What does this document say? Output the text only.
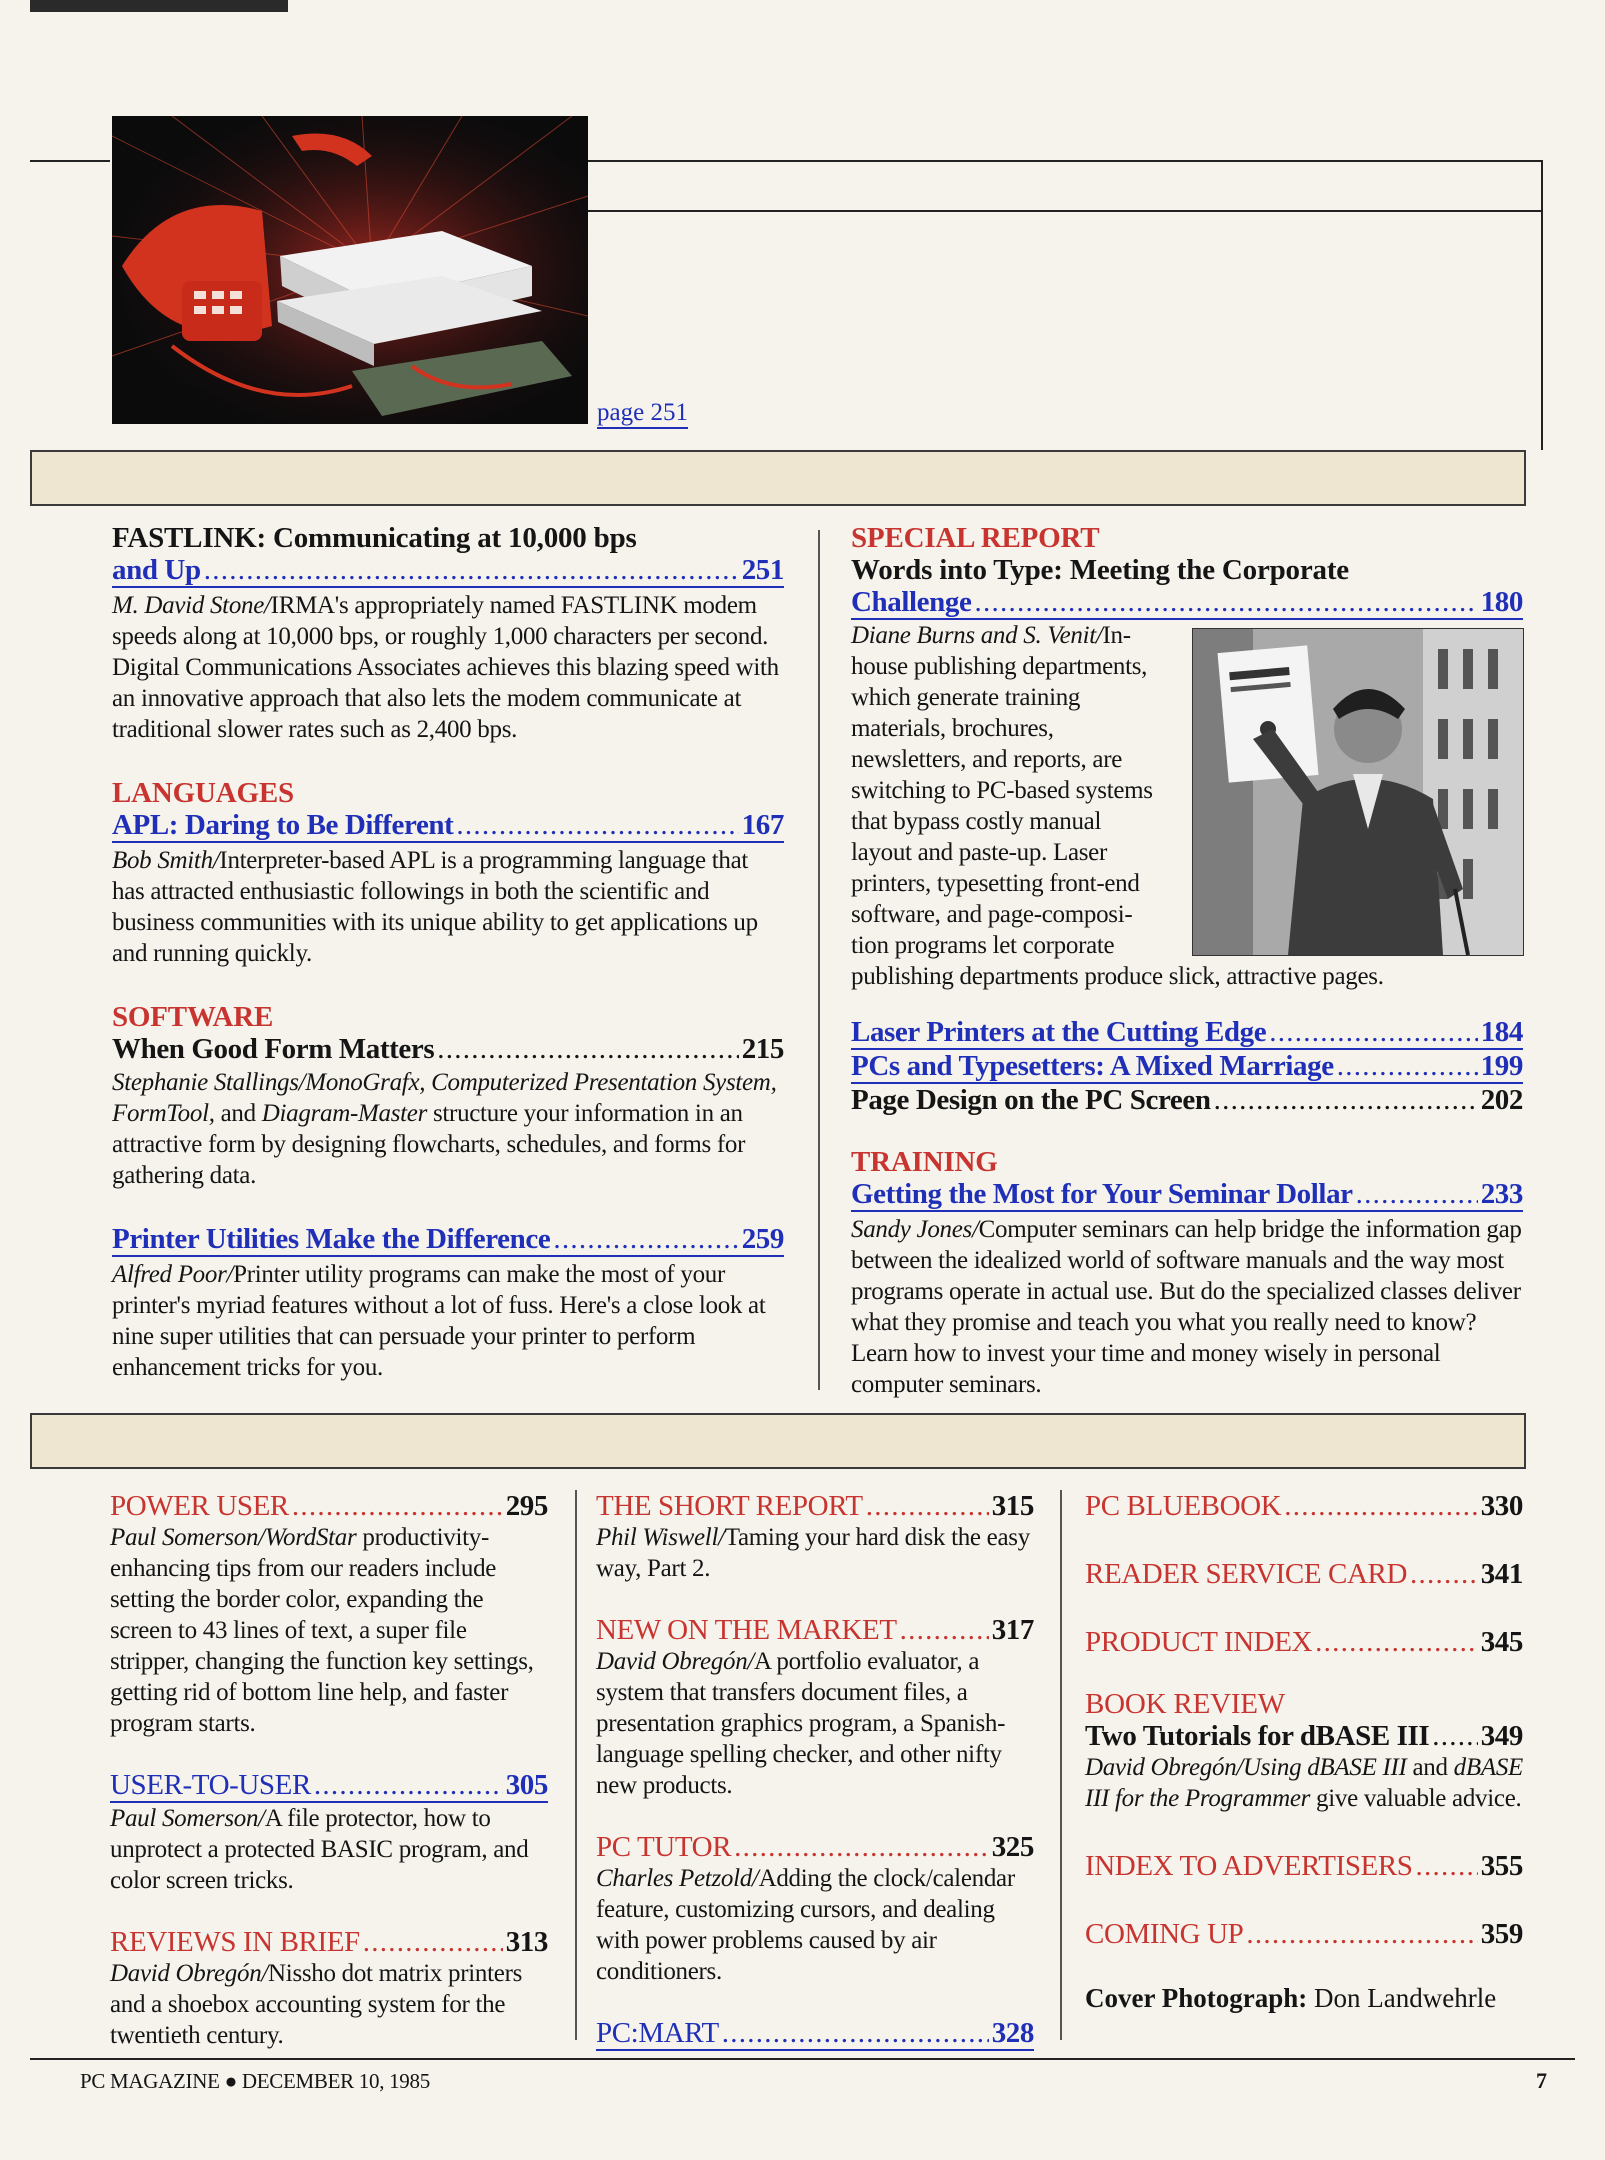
page 251
FASTLINK: Communicating at 10,000 bps
and Up . . .	251
M. David Stone/IRMA's appropriately named FASTLINK modem speeds along at 10,000 bps, or roughly 1,000 characters per second. Digital Communications Associates achieves this blazing speed with an innovative approach that also lets the modem communicate at traditional slower rates such as 2,400 bps.
LANGUAGES
APL: Daring to Be Different . . .	167
Bob Smith/Interpreter-based APL is a programming language that has attracted enthusiastic followings in both the scientific and business communities with its unique ability to get applications up and running quickly.
SOFTWARE
When Good Form Matters . . .	215
Stephanie Stallings/MonoGrafx, Computerized Presentation System, FormTool, and Diagram-Master structure your information in an attractive form by designing flowcharts, schedules, and forms for gathering data.
Printer Utilities Make the Difference . . .	259
Alfred Poor/Printer utility programs can make the most of your printer's myriad features without a lot of fuss. Here's a close look at nine super utilities that can persuade your printer to perform enhancement tricks for you.
SPECIAL REPORT
Words into Type: Meeting the Corporate
Challenge . . .	180
Diane Burns and S. Venit/In-
house publishing departments,
which generate training
materials, brochures,
newsletters, and reports, are
switching to PC-based systems
that bypass costly manual
layout and paste-up. Laser
printers, typesetting front-end
software, and page-composi-
tion programs let corporate
publishing departments produce slick, attractive pages.
Laser Printers at the Cutting Edge . . .	184
PCs and Typesetters: A Mixed Marriage . . .	199
Page Design on the PC Screen . . .	202
TRAINING
Getting the Most for Your Seminar Dollar . . .	233
Sandy Jones/Computer seminars can help bridge the information gap between the idealized world of software manuals and the way most programs operate in actual use. But do the specialized classes deliver what they promise and teach you what you really need to know? Learn how to invest your time and money wisely in personal computer seminars.
POWER USER . . .	295
Paul Somerson/WordStar productivity-enhancing tips from our readers include setting the border color, expanding the screen to 43 lines of text, a super file stripper, changing the function key settings, getting rid of bottom line help, and faster program starts.
USER-TO-USER . . .	305
Paul Somerson/A file protector, how to unprotect a protected BASIC program, and color screen tricks.
REVIEWS IN BRIEF . . .	313
David Obregón/Nissho dot matrix printers and a shoebox accounting system for the twentieth century.
THE SHORT REPORT . . .	315
Phil Wiswell/Taming your hard disk the easy way, Part 2.
NEW ON THE MARKET . . .	317
David Obregón/A portfolio evaluator, a system that transfers document files, a presentation graphics program, a Spanish-language spelling checker, and other nifty new products.
PC TUTOR . . .	325
Charles Petzold/Adding the clock/calendar feature, customizing cursors, and dealing with power problems caused by air conditioners.
PC:MART . . .	328
PC BLUEBOOK . . .	330
READER SERVICE CARD . . .	341
PRODUCT INDEX . . .	345
BOOK REVIEW
Two Tutorials for dBASE III . . . 349
David Obregón/Using dBASE III and dBASE III for the Programmer give valuable advice.
INDEX TO ADVERTISERS . . . 355
COMING UP . . .	359
Cover Photograph: Don Landwehrle
PC MAGAZINE ● DECEMBER 10, 1985	7
